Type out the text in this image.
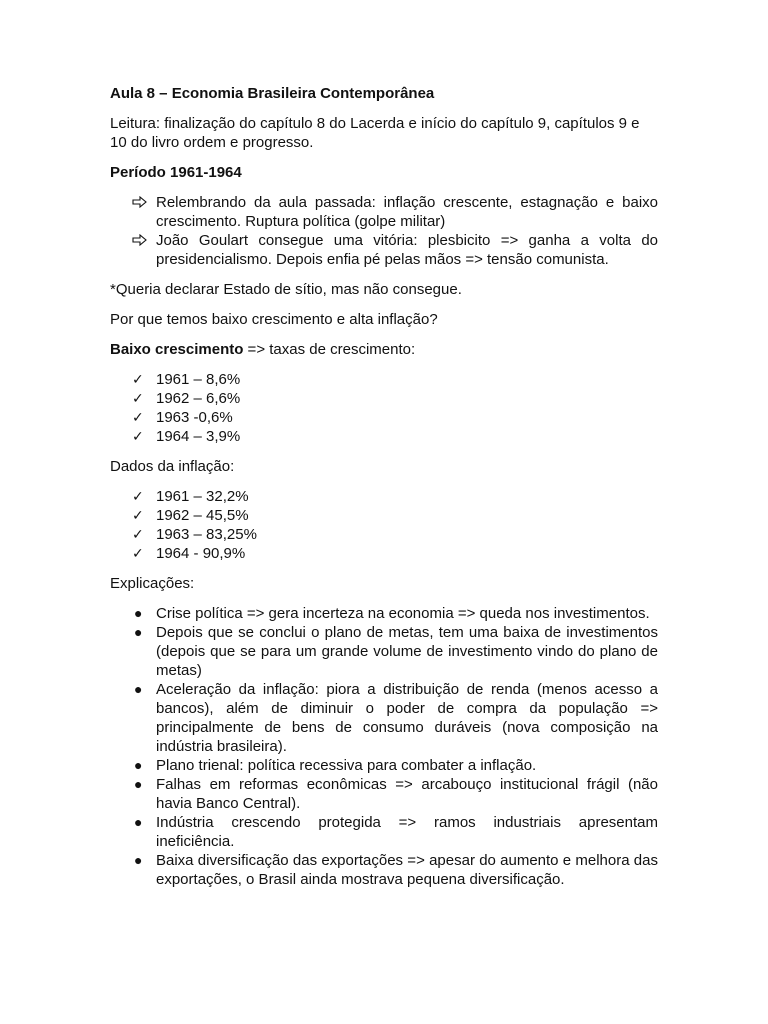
Aula 8 – Economia Brasileira Contemporânea

Leitura: finalização do capítulo 8 do Lacerda e início do capítulo 9, capítulos 9 e 10 do livro ordem e progresso.

Período 1961-1964

Relembrando da aula passada: inflação crescente, estagnação e baixo crescimento. Ruptura política (golpe militar)
João Goulart consegue uma vitória: plesbicito => ganha a volta do presidencialismo. Depois enfia pé pelas mãos => tensão comunista.

*Queria declarar Estado de sítio, mas não consegue.

Por que temos baixo crescimento e alta inflação?

Baixo crescimento => taxas de crescimento:

✓ 1961 – 8,6%
✓ 1962 – 6,6%
✓ 1963 -0,6%
✓ 1964 – 3,9%

Dados da inflação:

✓ 1961 – 32,2%
✓ 1962 – 45,5%
✓ 1963 – 83,25%
✓ 1964 - 90,9%

Explicações:

● Crise política => gera incerteza na economia => queda nos investimentos.
● Depois que se conclui o plano de metas, tem uma baixa de investimentos (depois que se para um grande volume de investimento vindo do plano de metas)
● Aceleração da inflação: piora a distribuição de renda (menos acesso a bancos), além de diminuir o poder de compra da população => principalmente de bens de consumo duráveis (nova composição na indústria brasileira).
● Plano trienal: política recessiva para combater a inflação.
● Falhas em reformas econômicas => arcabouço institucional frágil (não havia Banco Central).
● Indústria crescendo protegida => ramos industriais apresentam ineficiência.
● Baixa diversificação das exportações => apesar do aumento e melhora das exportações, o Brasil ainda mostrava pequena diversificação.
